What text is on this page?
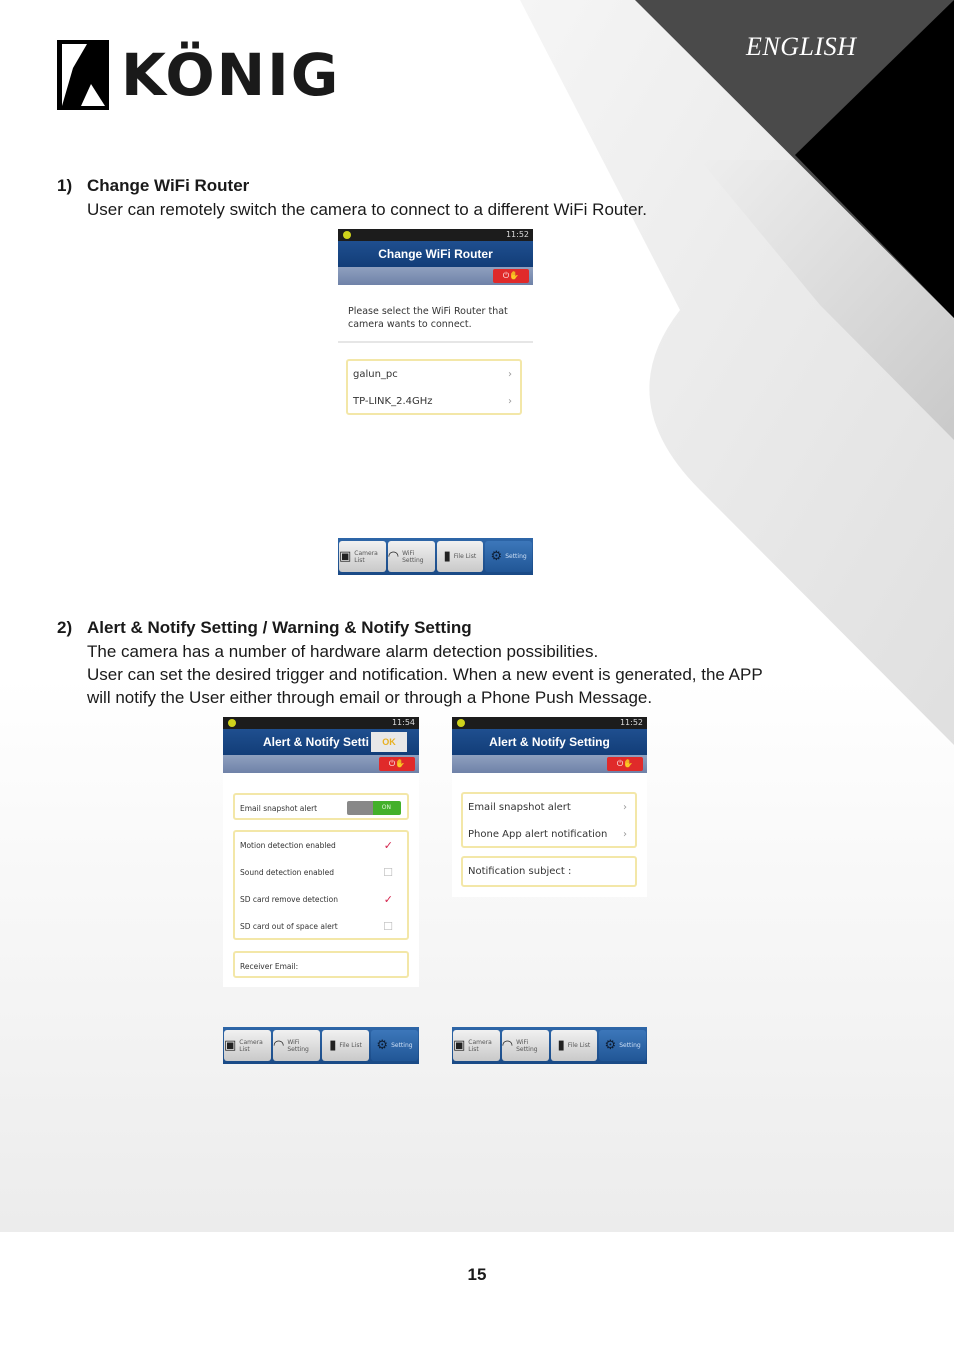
KÖNIG	ENGLISH
1) Change WiFi Router
User can remotely switch the camera to connect to a different WiFi Router.
11:52
Change WiFi Router
⏻✋
Please select the WiFi Router that camera wants to connect.
galun_pc	›
TP-LINK_2.4GHz	›
▣ Camera List	◠ WiFi Setting	▮ File List ⚙ Setting
2) Alert & Notify Setting / Warning & Notify Setting
The camera has a number of hardware alarm detection possibilities.
User can set the desired trigger and notification. When a new event is generated, the APP
will notify the User either through email or through a Phone Push Message.
11:54
Alert & Notify Setti	OK
⏻✋
Email snapshot alert	ON
Motion detection enabled	✓
Sound detection enabled	☐
SD card remove detection	✓
SD card out of space alert	☐
Receiver Email:
11:52
Alert & Notify Setting
⏻✋
Email snapshot alert	›
Phone App alert notification ›
Notification subject :
▣ Camera List	◠ WiFi Setting	▮ File List ⚙ Setting	▣ Camera List	◠ WiFi Setting	▮ File List ⚙ Setting
15
